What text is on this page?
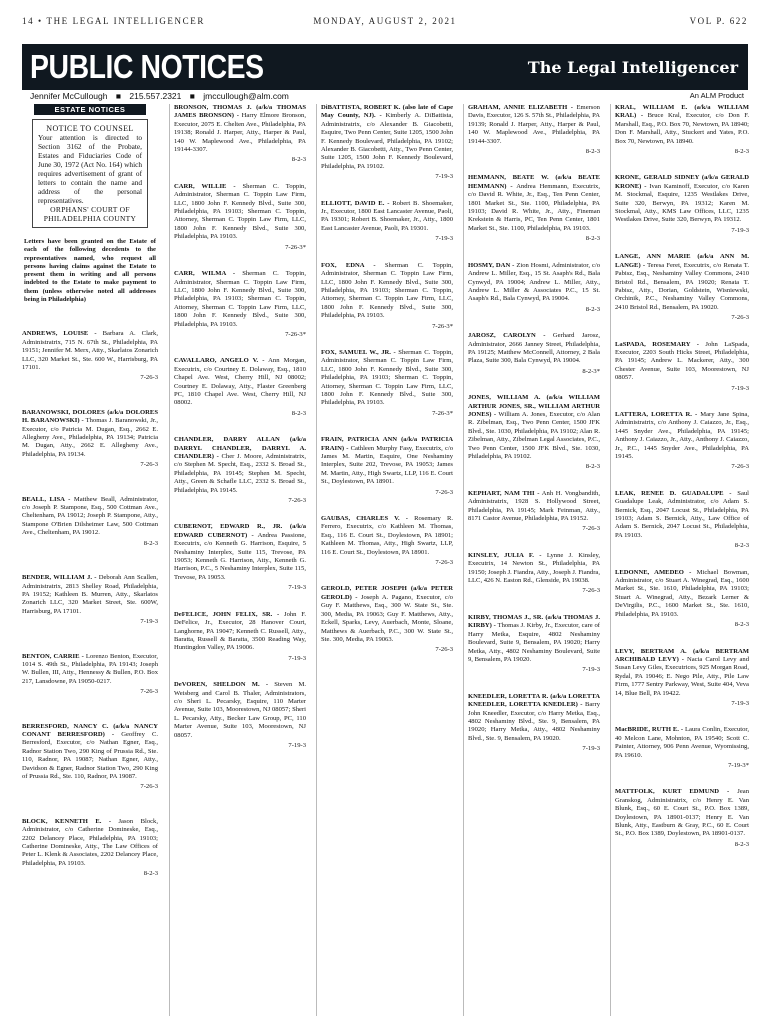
14 • THE LEGAL INTELLIGENCER	MONDAY, AUGUST 2, 2021	VOL P. 622
PUBLIC NOTICES	The Legal Intelligencer
Jennifer McCullough ■ 215.557.2321 ■ jmccullough@alm.com	An ALM Product
ESTATE NOTICES
NOTICE TO COUNSEL
Your attention is directed to Section 3162 of the Probate, Estates and Fiduciaries Code of June 30, 1972 (Act No. 164) which requires advertisement of grant of letters to contain the name and address of the personal representatives.
ORPHANS' COURT OF PHILADELPHIA COUNTY
Letters have been granted on the Estate of each of the following decedents to the representatives named, who request all persons having claims against the Estate to present them in writing and all persons indebted to the Estate to make payment to them (unless otherwise noted all addresses being in Philadelphia)
ANDREWS, LOUISE - Barbara A. Clark, Administratrix, 715 N. 67th St., Philadelphia, PA 19151; Jennifer M. Merx, Atty., Skarlatos Zonarich LLC, 320 Market St., Ste. 600 W., Harrisburg, PA 17101.
7-26-3
BARANOWSKI, DOLORES (a/k/a DOLORES H. BARANOWSKI) - Thomas J. Baranowski, Jr., Executor, c/o Patricia M. Dugan, Esq., 2662 E. Allegheny Ave., Philadelphia, PA 19134; Patricia M. Dugan, Atty., 2662 E. Allegheny Ave., Philadelphia, PA 19134.
7-26-3
BEALL, LISA - Matthew Beall, Administrator, c/o Joseph P. Stampone, Esq., 500 Cottman Ave., Cheltenham, PA 19012; Joseph P. Stampone, Atty., Stampone O'Brien Dilsheimer Law, 500 Cottman Ave., Cheltenham, PA 19012.
8-2-3
BENDER, WILLIAM J. - Deborah Ann Scallen, Administratrix, 2813 Shelley Road, Philadelphia, PA 19152; Kathleen B. Murren, Atty., Skarlatos Zonarich LLC, 320 Market Street, Ste. 600W, Harrisburg, PA 17101.
7-19-3
BENTON, CARRIE - Lorenzo Benton, Executor, 1014 S. 49th St., Philadelphia, PA 19143; Joseph W. Bullen, III, Atty., Hennessy & Bullen, P.O. Box 217, Lansdowne, PA 19050-0217.
7-26-3
BERRESFORD, NANCY C. (a/k/a NANCY CONANT BERRESFORD) - Geoffrey C. Berresford, Executor, c/o Nathan Egner, Esq., Radnor Station Two, 290 King of Prussia Rd., Ste. 110, Radnor, PA 19087; Nathan Egner, Atty., Davidson & Egner, Radnor Station Two, 290 King of Prussia Rd., Ste. 110, Radnor, PA 19087.
7-26-3
BLOCK, KENNETH E. - Jason Block, Administrator, c/o Catherine Domineske, Esq., 2202 Delancey Place, Philadelphia, PA 19103; Catherine Domineske, Atty., The Law Offices of Peter L. Klenk & Associates, 2202 Delancey Place, Philadelphia, PA 19103.
8-2-3
BRONSON, THOMAS J. (a/k/a THOMAS JAMES BRONSON) - Harry Elmore Bronson, Executor, 2075 E. Chelten Ave., Philadelphia, PA 19138; Ronald J. Harper, Atty., Harper & Paul, 140 W. Maplewood Ave., Philadelphia, PA 19144-3307.
8-2-3
CARR, WILLIE - Sherman C. Toppin, Administrator, Sherman C. Toppin Law Firm, LLC, 1800 John F. Kennedy Blvd., Suite 300, Philadelphia, PA 19103; Sherman C. Toppin, Attorney, Sherman C. Toppin Law Firm, LLC, 1800 John F. Kennedy Blvd., Suite 300, Philadelphia, PA 19103.
7-26-3*
CARR, WILMA - Sherman C. Toppin, Administrator, Sherman C. Toppin Law Firm, LLC, 1800 John F. Kennedy Blvd., Suite 300, Philadelphia, PA 19103; Sherman C. Toppin, Attorney, Sherman C. Toppin Law Firm, LLC, 1800 John F. Kennedy Blvd., Suite 300, Philadelphia, PA 19103.
7-26-3*
CAVALLARO, ANGELO V. - Ann Morgan, Executrix, c/o Courtney E. Dolaway, Esq., 1810 Chapel Ave. West, Cherry Hill, NJ 08002; Courtney E. Dolaway, Atty., Flaster Greenberg PC, 1810 Chapel Ave. West, Cherry Hill, NJ 08002.
8-2-3
CHANDLER, DARRY ALLAN (a/k/a DARRYL CHANDLER, DARRYL A. CHANDLER) - Cher J. Moore, Administratrix, c/o Stephen M. Specht, Esq., 2332 S. Broad St., Philadelphia, PA 19145; Stephen M. Specht, Atty., Green & Schafle LLC, 2332 S. Broad St., Philadelphia, PA 19145.
7-26-3
CUBERNOT, EDWARD R., JR. (a/k/a EDWARD CUBERNOT) - Andrea Passione, Executrix, c/o Kenneth G. Harrison, Esquire, 5 Neshaminy Interplex, Suite 115, Trevose, PA 19053; Kenneth G. Harrison, Atty., Kenneth G. Harrison, P.C., 5 Neshaminy Interplex, Suite 115, Trevose, PA 19053.
7-19-3
DeFELICE, JOHN FELIX, SR. - John F. DeFelice, Jr., Executor, 28 Hanover Court, Langhorne, PA 19047; Kenneth C. Russell, Atty., Baratta, Russell & Baratta, 3500 Reading Way, Huntingdon Valley, PA 19006.
7-19-3
DeVOREN, SHELDON M. - Steven M. Weisberg and Carol B. Thaler, Administrators, c/o Sheri L. Pecarsky, Esquire, 110 Marter Avenue, Suite 103, Moorestown, NJ 08057; Sheri L. Pecarsky, Atty., Becker Law Group, PC, 110 Marter Avenue, Suite 103, Moorestown, NJ 08057.
7-19-3
DiBATTISTA, ROBERT K. (also late of Cape May County, NJ). - Kimberly A. DiBattista, Administratrix, c/o Alexander B. Giacobetti, Esquire, Two Penn Center, Suite 1205, 1500 John F. Kennedy Boulevard, Philadelphia, PA 19102; Alexander B. Giacobetti, Atty., Two Penn Center, Suite 1205, 1500 John F. Kennedy Boulevard, Philadelphia, PA 19102.
7-19-3
ELLIOTT, DAVID E. - Robert B. Shoemaker, Jr., Executor, 1800 East Lancaster Avenue, Paoli, PA 19301; Robert B. Shoemaker, Jr., Atty., 1800 East Lancaster Avenue, Paoli, PA 19301.
7-19-3
FOX, EDNA - Sherman C. Toppin, Administrator, Sherman C. Toppin Law Firm, LLC, 1800 John F. Kennedy Blvd., Suite 300, Philadelphia, PA 19103; Sherman C. Toppin, Attorney, Sherman C. Toppin Law Firm, LLC, 1800 John F. Kennedy Blvd., Suite 300, Philadelphia, PA 19103.
7-26-3*
FOX, SAMUEL W., JR. - Sherman C. Toppin, Administrator, Sherman C. Toppin Law Firm, LLC, 1800 John F. Kennedy Blvd., Suite 300, Philadelphia, PA 19103; Sherman C. Toppin, Attorney, Sherman C. Toppin Law Firm, LLC, 1800 John F. Kennedy Blvd., Suite 300, Philadelphia, PA 19103.
7-26-3*
FRAIN, PATRICIA ANN (a/k/a PATRICIA FRAIN) - Cathleen Murphy Fasy, Executrix, c/o James M. Martin, Esquire, One Neshaminy Interplex, Suite 202, Trevose, PA 19053; James M. Martin, Atty., High Swartz, LLP, 116 E. Court St., Doylestown, PA 18901.
7-26-3
GAUBAS, CHARLES V. - Rosemary R. Ferrero, Executrix, c/o Kathleen M. Thomas, Esq., 116 E. Court St., Doylestown, PA 18901; Kathleen M. Thomas, Atty., High Swartz, LLP, 116 E. Court St., Doylestown, PA 18901.
7-26-3
GEROLD, PETER JOSEPH (a/k/a PETER GEROLD) - Joseph A. Pagano, Executor, c/o Guy F. Matthews, Esq., 300 W. State St., Ste. 300, Media, PA 19063; Guy F. Matthews, Atty., Eckell, Sparks, Levy, Auerbach, Monte, Sloane, Matthews & Auerbach, P.C., 300 W. State St., Ste. 300, Media, PA 19063.
7-26-3
GRAHAM, ANNIE ELIZABETH - Emerson Davis, Executor, 126 S. 57th St., Philadelphia, PA 19139; Ronald J. Harper, Atty., Harper & Paul, 140 W. Maplewood Ave., Philadelphia, PA 19144-3307.
8-2-3
HEMMANN, BEATE W. (a/k/a BEATE HEMMANN) - Andrea Hemmann, Executrix, c/o David R. White, Jr., Esq., Ten Penn Center, 1801 Market St., Ste. 1100, Philadelphia, PA 19103; David R. White, Jr., Atty., Fineman Krekstein & Harris, PC, Ten Penn Center, 1801 Market St., Ste. 1100, Philadelphia, PA 19103.
8-2-3
HOSMY, DAN - Zion Hosmi, Administrator, c/o Andrew L. Miller, Esq., 15 St. Asaph's Rd., Bala Cynwyd, PA 19004; Andrew L. Miller, Atty., Andrew L. Miller & Associates P.C., 15 St. Asaph's Rd., Bala Cynwyd, PA 19004.
8-2-3
JAROSZ, CAROLYN - Gerhard Jarosz, Administrator, 2666 Janney Street, Philadelphia, PA 19125; Matthew McConnell, Attorney, 2 Bala Plaza, Suite 300, Bala Cynwyd, PA 19004.
8-2-3*
JONES, WILLIAM A. (a/k/a WILLIAM ARTHUR JONES, SR., WILLIAM ARTHUR JONES) - William A. Jones, Executor, c/o Alan R. Zibelman, Esq., Two Penn Center, 1500 JFK Blvd., Ste. 1030, Philadelphia, PA 19102; Alan R. Zibelman, Atty., Zibelman Legal Associates, P.C., Two Penn Center, 1500 JFK Blvd., Ste. 1030, Philadelphia, PA 19102.
8-2-3
KEPHART, NAM THI - Anh H. Vongbandith, Administratrix, 1928 S. Hollywood Street, Philadelphia, PA 19145; Mark Feinman, Atty., 8171 Castor Avenue, Philadelphia, PA 19152.
7-26-3
KINSLEY, JULIA F. - Lynne J. Kinsley, Executrix, 14 Newton St., Philadelphia, PA 19150; Joseph J. Fiandra, Atty., Joseph J. Fiandra, LLC, 426 N. Easton Rd., Glenside, PA 19038.
7-26-3
KIRBY, THOMAS J., SR. (a/k/a THOMAS J. KIRBY) - Thomas J. Kirby, Jr., Executor, care of Harry Metka, Esquire, 4802 Neshaminy Boulevard, Suite 9, Bensalem, PA 19020; Harry Metka, Atty., 4802 Neshaminy Boulevard, Suite 9, Bensalem, PA 19020.
7-19-3
KNEEDLER, LORETTA R. (a/k/a LORETTA KNEEDLER, LORETTA KNEDLER) - Barry John Kneedler, Executor, c/o Harry Metka, Esq., 4802 Neshaminy Blvd., Ste. 9, Bensalem, PA 19020; Harry Metka, Atty., 4802 Neshaminy Blvd., Ste. 9, Bensalem, PA 19020.
7-19-3
KRAL, WILLIAM E. (a/k/a WILLIAM KRAL) - Bruce Kral, Executor, c/o Don F. Marshall, Esq., P.O. Box 70, Newtown, PA 18940; Don F. Marshall, Atty., Stuckert and Yates, P.O. Box 70, Newtown, PA 18940.
8-2-3
KRONE, GERALD SIDNEY (a/k/a GERALD KRONE) - Ivan Kaminoff, Executor, c/o Karen M. Stockmal, Esquire, 1235 Westlakes Drive, Suite 320, Berwyn, PA 19312; Karen M. Stockmal, Atty., KMS Law Offices, LLC, 1235 Westlakes Drive, Suite 320, Berwyn, PA 19312.
7-19-3
LANGE, ANN MARIE (a/k/a ANN M. LANGE) - Teresa Feret, Executrix, c/o Renata T. Pabisz, Esq., Neshaminy Valley Commons, 2410 Bristol Rd., Bensalem, PA 19020; Renata T. Pabisz, Atty., Dorian, Goldstein, Wisniewski, Orchinik, P.C., Neshaminy Valley Commons, 2410 Bristol Rd., Bensalem, PA 19020.
7-26-3
LaSPADA, ROSEMARY - John LaSpada, Executor, 2203 South Hicks Street, Philadelphia, PA 19145; Andrew L. Mackerer, Atty., 300 Chester Avenue, Suite 103, Moorestown, NJ 08057.
7-19-3
LATTERA, LORETTA R. - Mary Jane Spina, Administratrix, c/o Anthony J. Caiazzo, Jr., Esq., 1445 Snyder Ave., Philadelphia, PA 19145; Anthony J. Caiazzo, Jr., Atty., Anthony J. Caiazzo, Jr., P.C., 1445 Snyder Ave., Philadelphia, PA 19145.
7-26-3
LEAK, RENEE D. GUADALUPE - Saul Guadalupe Leak, Administrator, c/o Adam S. Bernick, Esq., 2047 Locust St., Philadelphia, PA 19103; Adam S. Bernick, Atty., Law Office of Adam S. Bernick, 2047 Locust St., Philadelphia, PA 19103.
8-2-3
LEDONNE, AMEDEO - Michael Bowman, Administrator, c/o Stuart A. Winegrad, Esq., 1600 Market St., Ste. 1610, Philadelphia, PA 19103; Stuart A. Winegrad, Atty., Bezark Lerner & DeVirgilis, P.C., 1600 Market St., Ste. 1610, Philadelphia, PA 19103.
8-2-3
LEVY, BERTRAM A. (a/k/a BERTRAM ARCHIBALD LEVY) - Nacia Carol Levy and Susan Levy Giles, Executrices, 925 Morgan Road, Rydal, PA 19046; E. Nego Pile, Atty., Pile Law Firm, 1777 Sentry Parkway, West, Suite 404, Veva 14, Blue Bell, PA 19422.
7-19-3
MacBRIDE, RUTH E. - Laura Conlin, Executor, 40 Melcon Lane, Mohnton, PA 19540; Scott C. Painter, Attorney, 906 Penn Avenue, Wyomissing, PA 19610.
7-19-3*
MATTFOLK, KURT EDMUND - Jean Granskog, Administratrix, c/o Henry E. Van Blunk, Esq., 60 E. Court St., P.O. Box 1389, Doylestown, PA 18901-0137; Henry E. Van Blunk, Atty., Eastburn & Gray, P.C., 60 E. Court St., P.O. Box 1389, Doylestown, PA 18901-0137.
8-2-3
